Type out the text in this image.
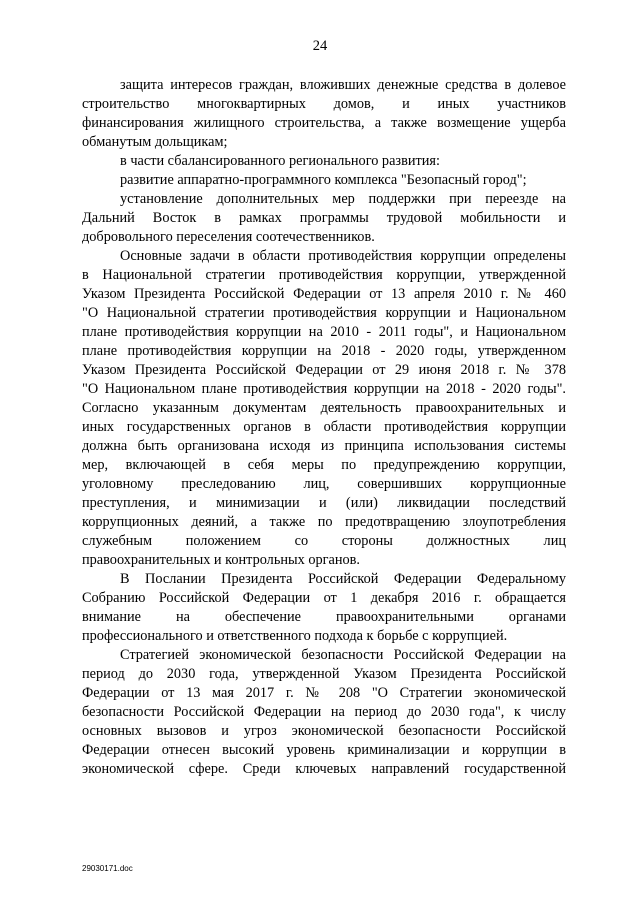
24
защита интересов граждан, вложивших денежные средства в долевое
строительство многоквартирных домов, и иных участников
финансирования жилищного строительства, а также возмещение ущерба
обманутым дольщикам;
в части сбалансированного регионального развития:
развитие аппаратно-программного комплекса "Безопасный город";
установление дополнительных мер поддержки при переезде на
Дальний Восток в рамках программы трудовой мобильности и
добровольного переселения соотечественников.
Основные задачи в области противодействия коррупции определены
в Национальной стратегии противодействия коррупции, утвержденной
Указом Президента Российской Федерации от 13 апреля 2010 г. № 460
"О Национальной стратегии противодействия коррупции и Национальном
плане противодействия коррупции на 2010 - 2011 годы", и Национальном
плане противодействия коррупции на 2018 - 2020 годы, утвержденном
Указом Президента Российской Федерации от 29 июня 2018 г. № 378
"О Национальном плане противодействия коррупции на 2018 - 2020 годы".
Согласно указанным документам деятельность правоохранительных и
иных государственных органов в области противодействия коррупции
должна быть организована исходя из принципа использования системы
мер, включающей в себя меры по предупреждению коррупции,
уголовному преследованию лиц, совершивших коррупционные
преступления, и минимизации и (или) ликвидации последствий
коррупционных деяний, а также по предотвращению злоупотребления
служебным положением со стороны должностных лиц
правоохранительных и контрольных органов.
В Послании Президента Российской Федерации Федеральному
Собранию Российской Федерации от 1 декабря 2016 г. обращается
внимание на обеспечение правоохранительными органами
профессионального и ответственного подхода к борьбе с коррупцией.
Стратегией экономической безопасности Российской Федерации на
период до 2030 года, утвержденной Указом Президента Российской
Федерации от 13 мая 2017 г. № 208 "О Стратегии экономической
безопасности Российской Федерации на период до 2030 года", к числу
основных вызовов и угроз экономической безопасности Российской
Федерации отнесен высокий уровень криминализации и коррупции в
экономической сфере. Среди ключевых направлений государственной
29030171.doc
